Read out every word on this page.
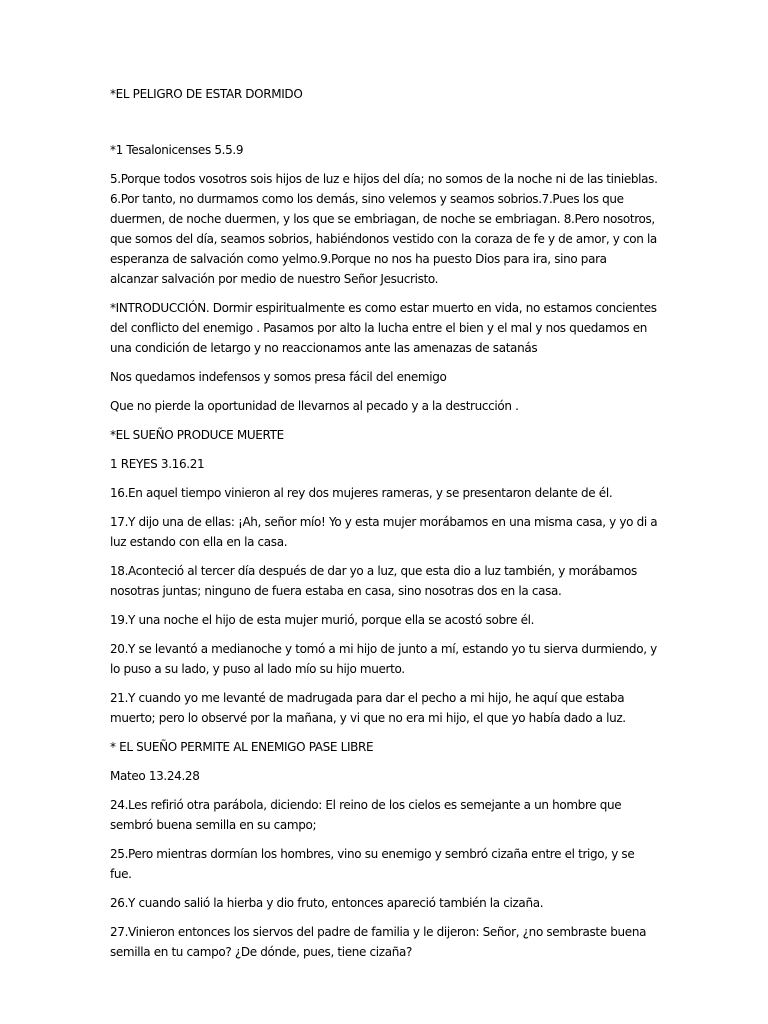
*EL PELIGRO DE ESTAR DORMIDO

*1 Tesalonicenses 5.5.9

5.Porque todos vosotros sois hijos de luz e hijos del día; no somos de la noche ni de las tinieblas. 6.Por tanto, no durmamos como los demás, sino velemos y seamos sobrios.7.Pues los que duermen, de noche duermen, y los que se embriagan, de noche se embriagan. 8.Pero nosotros, que somos del día, seamos sobrios, habiéndonos vestido con la coraza de fe y de amor, y con la esperanza de salvación como yelmo.9.Porque no nos ha puesto Dios para ira, sino para alcanzar salvación por medio de nuestro Señor Jesucristo.

*INTRODUCCIÓN. Dormir espiritualmente es como estar muerto en vida, no estamos concientes del conflicto del enemigo . Pasamos por alto la lucha entre el bien y el mal y nos quedamos en una condición de letargo y no reaccionamos ante las amenazas de satanás

Nos quedamos indefensos y somos presa fácil del enemigo

Que no pierde la oportunidad de llevarnos al pecado y a la destrucción .

*EL SUEÑO PRODUCE MUERTE

1 REYES 3.16.21

16.En aquel tiempo vinieron al rey dos mujeres rameras, y se presentaron delante de él.

17.Y dijo una de ellas: ¡Ah, señor mío! Yo y esta mujer morábamos en una misma casa, y yo di a luz estando con ella en la casa.

18.Aconteció al tercer día después de dar yo a luz, que esta dio a luz también, y morábamos nosotras juntas; ninguno de fuera estaba en casa, sino nosotras dos en la casa.

19.Y una noche el hijo de esta mujer murió, porque ella se acostó sobre él.

20.Y se levantó a medianoche y tomó a mi hijo de junto a mí, estando yo tu sierva durmiendo, y lo puso a su lado, y puso al lado mío su hijo muerto.

21.Y cuando yo me levanté de madrugada para dar el pecho a mi hijo, he aquí que estaba muerto; pero lo observé por la mañana, y vi que no era mi hijo, el que yo había dado a luz.

* EL SUEÑO PERMITE AL ENEMIGO PASE LIBRE

Mateo 13.24.28

24.Les refirió otra parábola, diciendo: El reino de los cielos es semejante a un hombre que sembró buena semilla en su campo;

25.Pero mientras dormían los hombres, vino su enemigo y sembró cizaña entre el trigo, y se fue.

26.Y cuando salió la hierba y dio fruto, entonces apareció también la cizaña.

27.Vinieron entonces los siervos del padre de familia y le dijeron: Señor, ¿no sembraste buena semilla en tu campo? ¿De dónde, pues, tiene cizaña?
